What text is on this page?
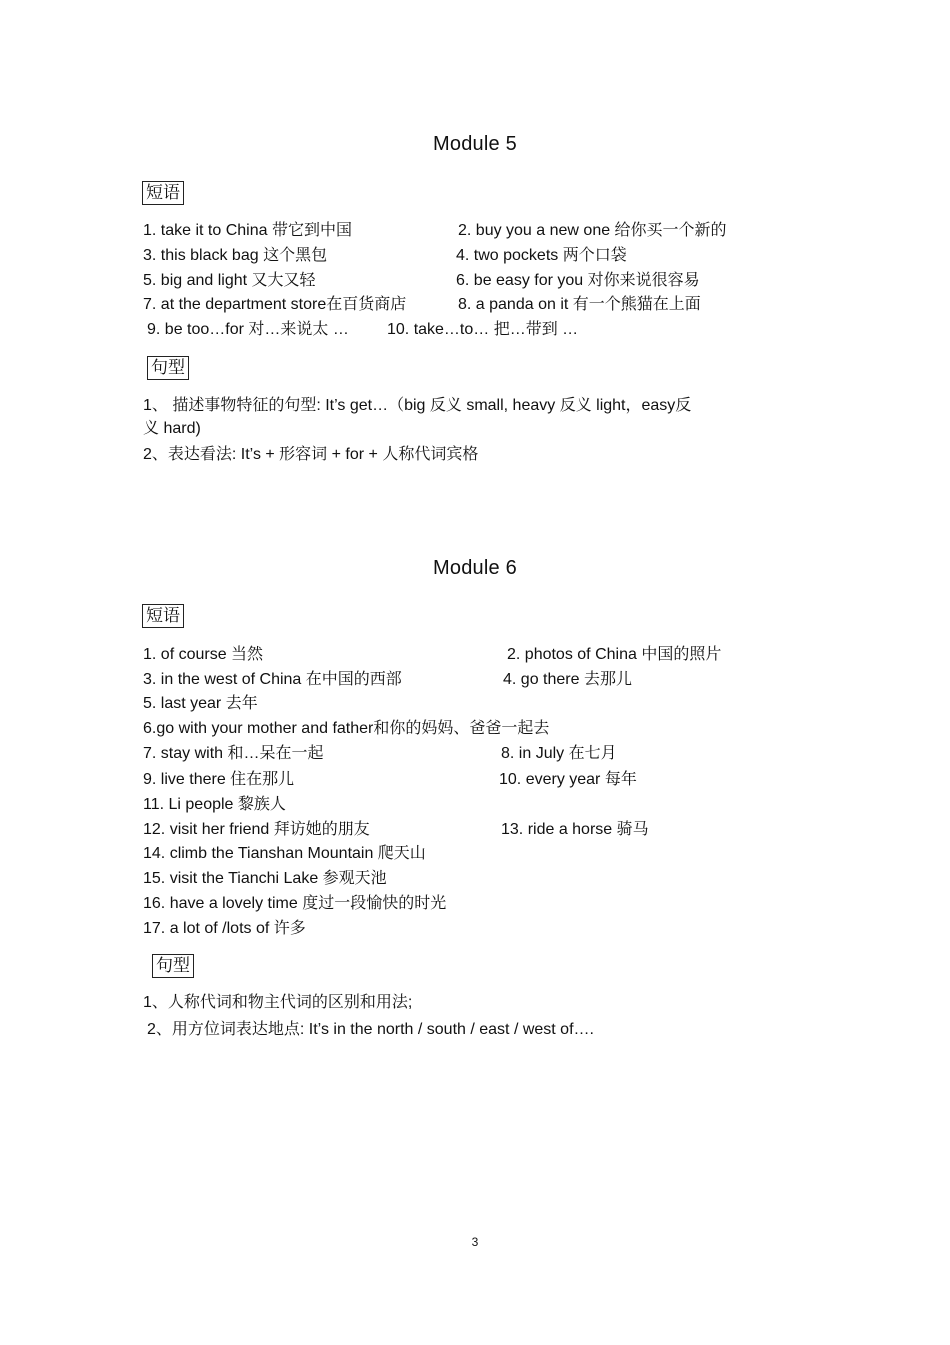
Module 5
短语
1. take it to China 带它到中国	2. buy you a new one 给你买一个新的
3. this black bag 这个黑包	4. two pockets 两个口袋
5. big and light 又大又轻	6. be easy for you 对你来说很容易
7. at the department store在百货商店	8. a panda on it 有一个熊猫在上面
9. be too…for 对…来说太 … 10. take…to… 把…带到 …
句型
1、 描述事物特征的句型: It’s get…（big 反义 small, heavy 反义 light，easy反
义 hard)
2、表达看法: It’s + 形容词 + for + 人称代词宾格
Module 6
短语
1. of course 当然	2. photos of China 中国的照片
3. in the west of China 在中国的西部	4. go there 去那儿
5. last year 去年
6.go with your mother and father和你的妈妈、爸爸一起去
7. stay with 和…呆在一起	8. in July 在七月
9. live there 住在那儿	10. every year 每年
11. Li people 黎族人
12. visit her friend 拜访她的朋友	13. ride a horse 骑马
14. climb the Tianshan Mountain 爬天山
15. visit the Tianchi Lake 参观天池
16. have a lovely time 度过一段愉快的时光
17. a lot of /lots of 许多
句型
1、人称代词和物主代词的区别和用法;
2、用方位词表达地点: It’s in the north / south / east / west of….
3
